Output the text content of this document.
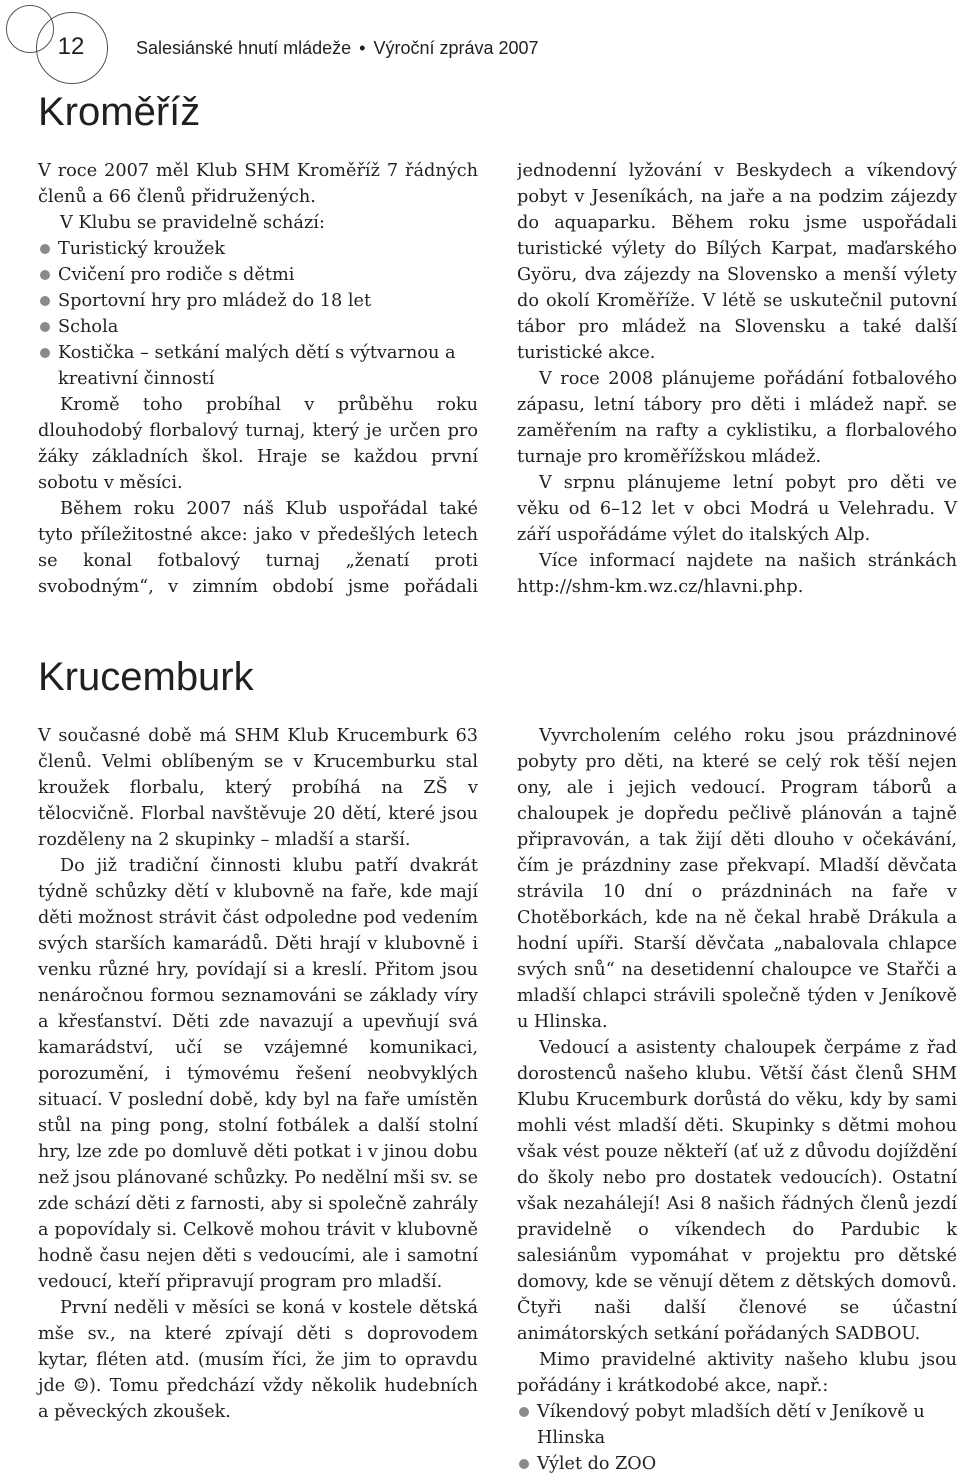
12	Salesiánské hnutí mládeže • Výroční zpráva 2007
Kroměříž

V roce 2007 měl Klub SHM Kroměříž 7 řádných členů a 66 členů přidružených.

V Klubu se pravidelně schází:

Turistický kroužek
Cvičení pro rodiče s dětmi
Sportovní hry pro mládež do 18 let
Schola
Kostička – setkání malých dětí s výtvarnou a kreativní činností

Kromě toho probíhal v průběhu roku dlouhodobý florbalový turnaj, který je určen pro žáky základních škol. Hraje se každou první sobotu v měsíci.

Během roku 2007 náš Klub uspořádal také tyto příležitostné akce: jako v předešlých letech se konal fotbalový turnaj „ženatí proti svobodným“, v zimním období jsme pořádali

jednodenní lyžování v Beskydech a víkendový pobyt v Jeseníkách, na jaře a na podzim zájezdy do aquaparku. Během roku jsme uspořádali turistické výlety do Bílých Karpat, maďarského Györu, dva zájezdy na Slovensko a menší výlety do okolí Kroměříže. V létě se uskutečnil putovní tábor pro mládež na Slovensku a také další turistické akce.

V roce 2008 plánujeme pořádání fotbalového zápasu, letní tábory pro děti i mládež např. se zaměřením na rafty a cyklistiku, a florbalového turnaje pro kroměřížskou mládež.

V srpnu plánujeme letní pobyt pro děti ve věku od 6–12 let v obci Modrá u Velehradu. V září uspořádáme výlet do italských Alp.

Více informací najdete na našich stránkách http://shm-km.wz.cz/hlavni.php.

Krucemburk

V současné době má SHM Klub Krucemburk 63 členů. Velmi oblíbeným se v Krucemburku stal kroužek florbalu, který probíhá na ZŠ v tělocvičně. Florbal navštěvuje 20 dětí, které jsou rozděleny na 2 skupinky – mladší a starší.

Do již tradiční činnosti klubu patří dvakrát týdně schůzky dětí v klubovně na faře, kde mají děti možnost strávit část odpoledne pod vedením svých starších kamarádů. Děti hrají v klubovně i venku různé hry, povídají si a kreslí. Přitom jsou nenáročnou formou seznamováni se základy víry a křesťanství. Děti zde navazují a upevňují svá kamarádství, učí se vzájemné komunikaci, porozumění, i týmovému řešení neobvyklých situací. V poslední době, kdy byl na faře umístěn stůl na ping pong, stolní fotbálek a další stolní hry, lze zde po domluvě děti potkat i v jinou dobu než jsou plánované schůzky. Po nedělní mši sv. se zde schází děti z farnosti, aby si společně zahrály a popovídaly si. Celkově mohou trávit v klubovně hodně času nejen děti s vedoucími, ale i samotní vedoucí, kteří připravují program pro mladší.

První neděli v měsíci se koná v kostele dětská mše sv., na které zpívají děti s doprovodem kytar, fléten atd. (musím říci, že jim to opravdu jde ☺). Tomu předchází vždy několik hudebních a pěveckých zkoušek.

Vyvrcholením celého roku jsou prázdninové pobyty pro děti, na které se celý rok těší nejen ony, ale i jejich vedoucí. Program táborů a chaloupek je dopředu pečlivě plánován a tajně připravován, a tak žijí děti dlouho v očekávání, čím je prázdniny zase překvapí. Mladší děvčata strávila 10 dní o prázdninách na faře v Chotěborkách, kde na ně čekal hrabě Drákula a hodní upíři. Starší děvčata „nabalovala chlapce svých snů“ na desetidenní chaloupce ve Stařči a mladší chlapci strávili společně týden v Jeníkově u Hlinska.

Vedoucí a asistenty chaloupek čerpáme z řad dorostenců našeho klubu. Větší část členů SHM Klubu Krucemburk dorůstá do věku, kdy by sami mohli vést mladší děti. Skupinky s dětmi mohou však vést pouze někteří (ať už z důvodu dojíždění do školy nebo pro dostatek vedoucích). Ostatní však nezahálejí! Asi 8 našich řádných členů jezdí pravidelně o víkendech do Pardubic k salesiánům vypomáhat v projektu pro dětské domovy, kde se věnují dětem z dětských domovů. Čtyři naši další členové se účastní animátorských setkání pořádaných SADBOU.

Mimo pravidelné aktivity našeho klubu jsou pořádány i krátkodobé akce, např.:

Víkendový pobyt mladších dětí v Jeníkově u Hlinska
Výlet do ZOO
